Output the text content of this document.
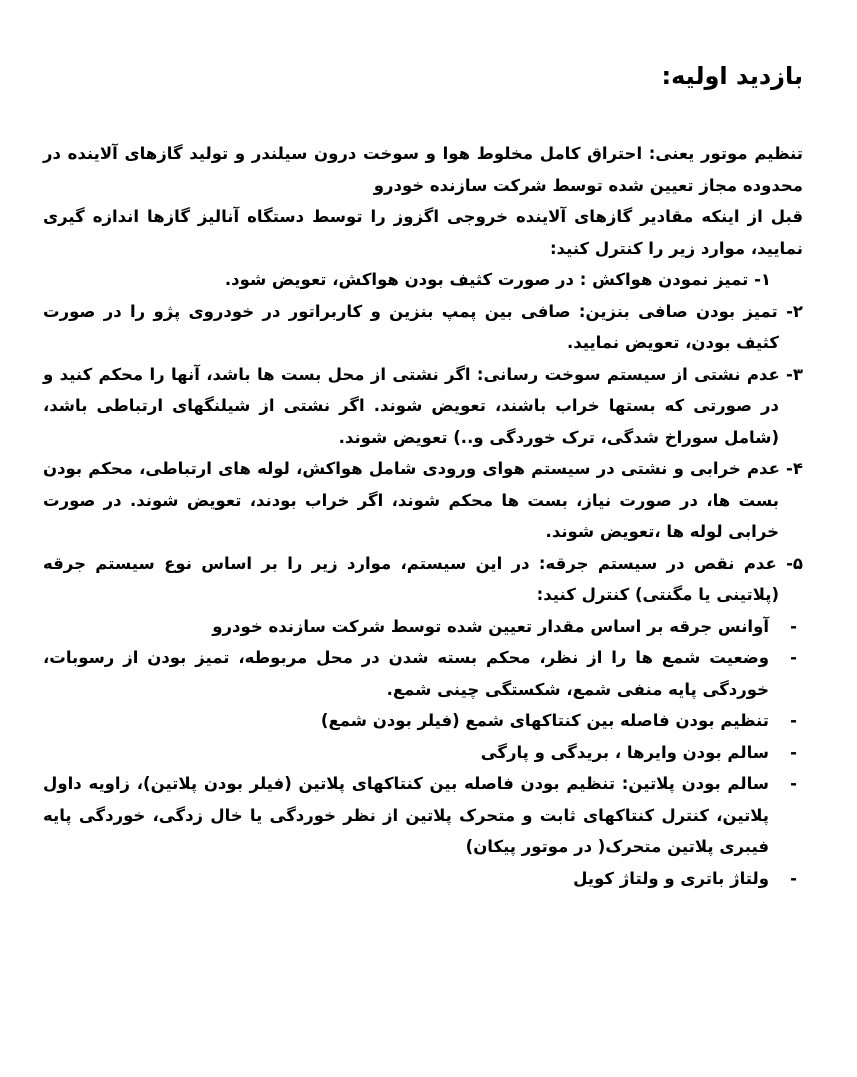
بازدید اولیه:

تنظیم موتور یعنی: احتراق کامل مخلوط هوا و سوخت درون سیلندر و تولید گازهای آلاینده در محدوده مجاز تعیین شده توسط شرکت سازنده خودرو

قبل از اینکه مقادیر گازهای آلاینده خروجی اگزوز را توسط دستگاه آنالیز گازها اندازه گیری نمایید، موارد زیر را کنترل کنید:

۱- تمیز نمودن هواکش : در صورت کثیف بودن هواکش، تعویض شود.

۲- تمیز بودن صافی بنزین: صافی بین پمپ بنزین و کاربراتور در خودروی پژو را در صورت کثیف بودن، تعویض نمایید.

۳- عدم نشتی از سیستم سوخت رسانی: اگر نشتی از محل بست ها باشد، آنها را محکم کنید و در صورتی که بستها خراب باشند، تعویض شوند. اگر نشتی از شیلنگهای ارتباطی باشد، (شامل سوراخ شدگی، ترک خوردگی و..) تعویض شوند.

۴- عدم خرابی و نشتی در سیستم هوای ورودی شامل هواکش، لوله های ارتباطی، محکم بودن بست ها، در صورت نیاز، بست ها محکم شوند، اگر خراب بودند، تعویض شوند. در صورت خرابی لوله ها ،تعویض شوند.

۵- عدم نقص در سیستم جرقه: در این سیستم، موارد زیر را بر اساس نوع سیستم جرقه (پلاتینی یا مگنتی) کنترل کنید:

-
آوانس جرقه بر اساس مقدار تعیین شده توسط شرکت سازنده خودرو
-
وضعیت شمع ها را از نظر، محکم بسته شدن در محل مربوطه، تمیز بودن از رسوبات، خوردگی پایه منفی شمع، شکستگی چینی شمع.
-
تنظیم بودن فاصله بین کنتاکهای شمع (فیلر بودن شمع)
-
سالم بودن وایرها ، بریدگی و پارگی
-
سالم بودن پلاتین: تنظیم بودن فاصله بین کنتاکهای پلاتین (فیلر بودن پلاتین)، زاویه داول پلاتین، کنترل کنتاکهای ثابت و متحرک پلاتین از نظر خوردگی یا خال زدگی، خوردگی پایه فیبری پلاتین متحرک( در موتور پیکان)
-
ولتاژ باتری و ولتاژ کویل
